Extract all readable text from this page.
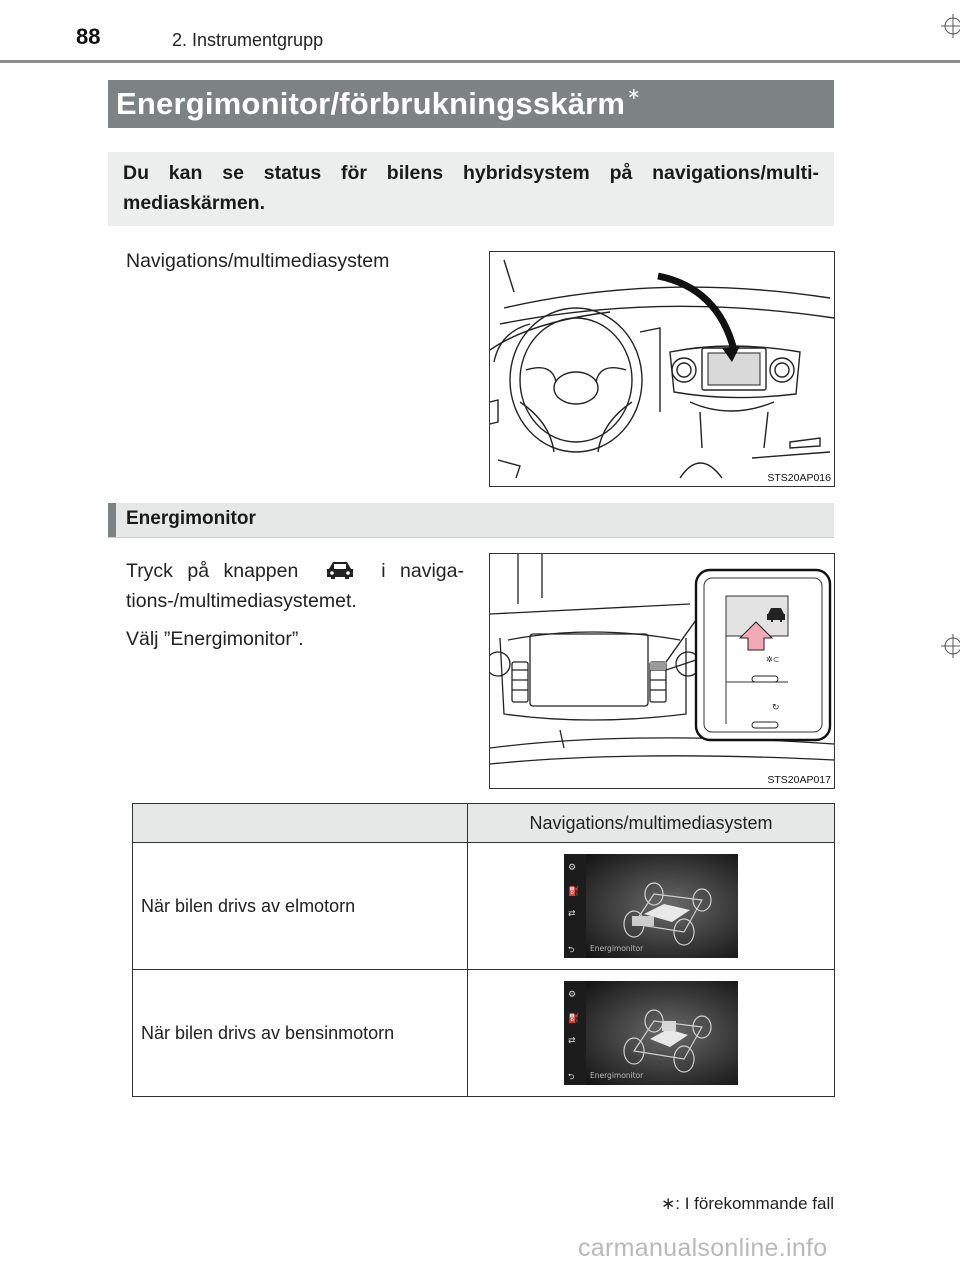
88	2. Instrumentgrupp
Energimonitor/förbrukningsskärm ∗
Du kan se status för bilens hybridsystem på navigations/multi-mediaskärmen.
Navigations/multimediasystem
STS20AP016
Energimonitor
Tryck på knappen	i naviga-tions-/multimediasystemet.
Välj ”Energimonitor”.
✲⊂
↻
STS20AP017
	Navigations/multimediasystem
När bilen drivs av elmotorn	⚙
⛽
⇄
⮌ Energimonitor

När bilen drivs av bensinmotorn	⚙
⛽
⇄
⮌ Energimonitor
∗: I förekommande fall
carmanualsonline.info
